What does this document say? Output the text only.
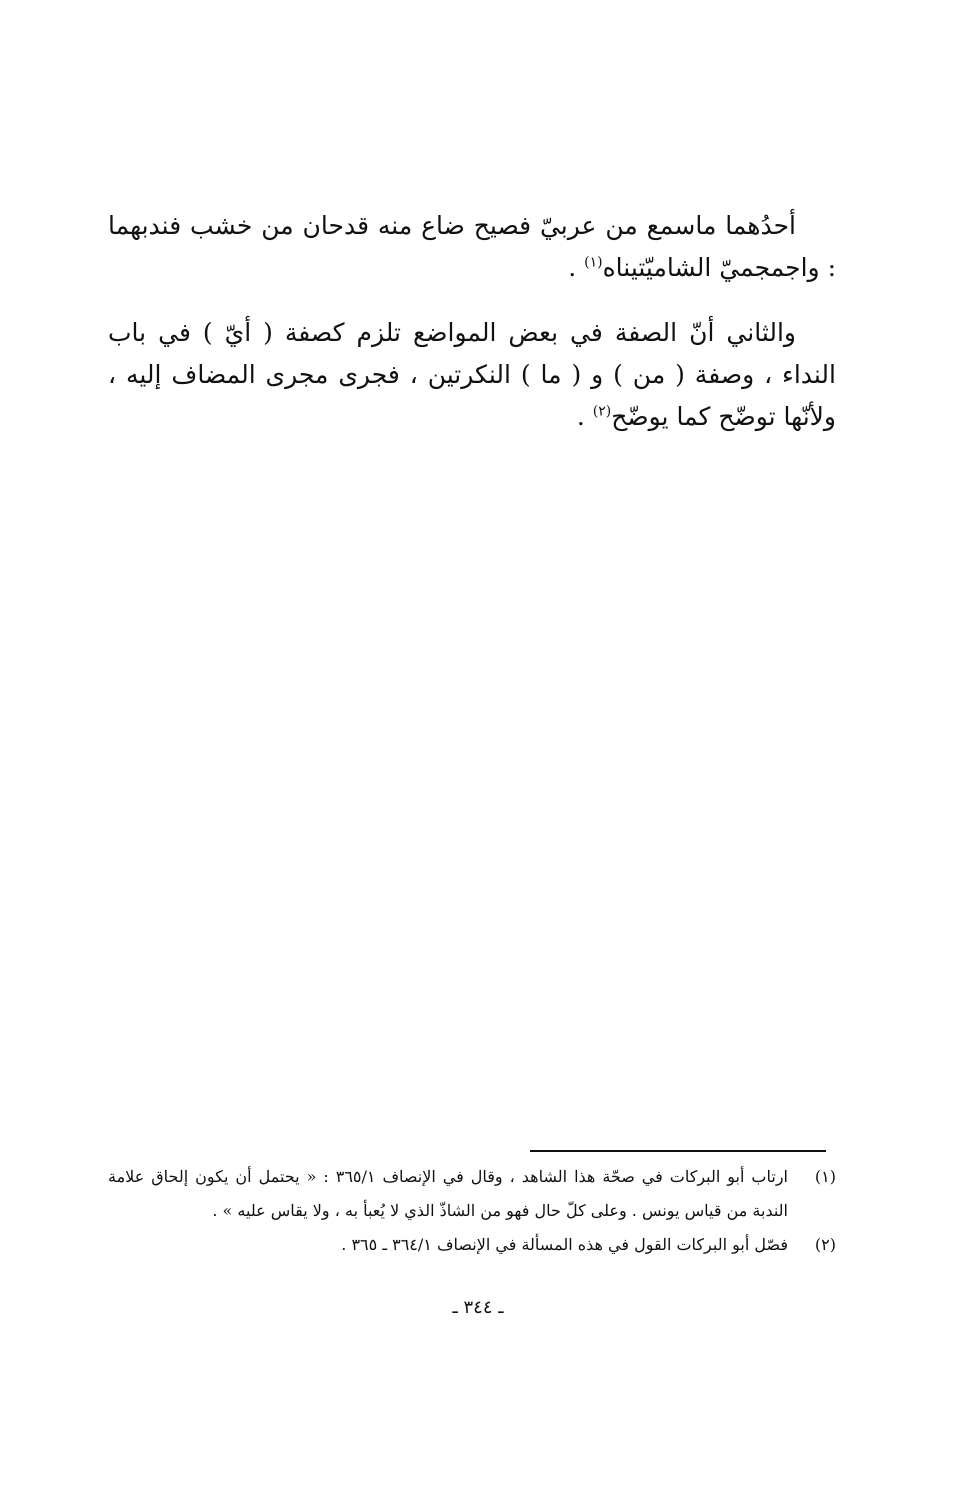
أحدُهما ماسمع من عربيّ فصيح ضاع منه قدحان من خشب فندبهما : واجمجميّ الشاميّتيناه$^{(١)}$ .

والثاني أنّ الصفة في بعض المواضع تلزم كصفة ( أيّ ) في باب النداء ، وصفة ( من ) و ( ما ) النكرتين ، فجرى مجرى المضاف إليه ، ولأنّها توضّح كما يوضّح$^{(٢)}$ .

(١)
ارتاب أبو البركات في صحّة هذا الشاهد ، وقال في الإنصاف ٣٦٥/١ : « يحتمل أن يكون إلحاق علامة الندبة من قياس يونس . وعلى كلّ حال فهو من الشاذّ الذي لا يُعبأ به ، ولا يقاس عليه » .
(٢)
فصّل أبو البركات القول في هذه المسألة في الإنصاف ٣٦٤/١ ـ ٣٦٥ .
ـ ٣٤٤ ـ
